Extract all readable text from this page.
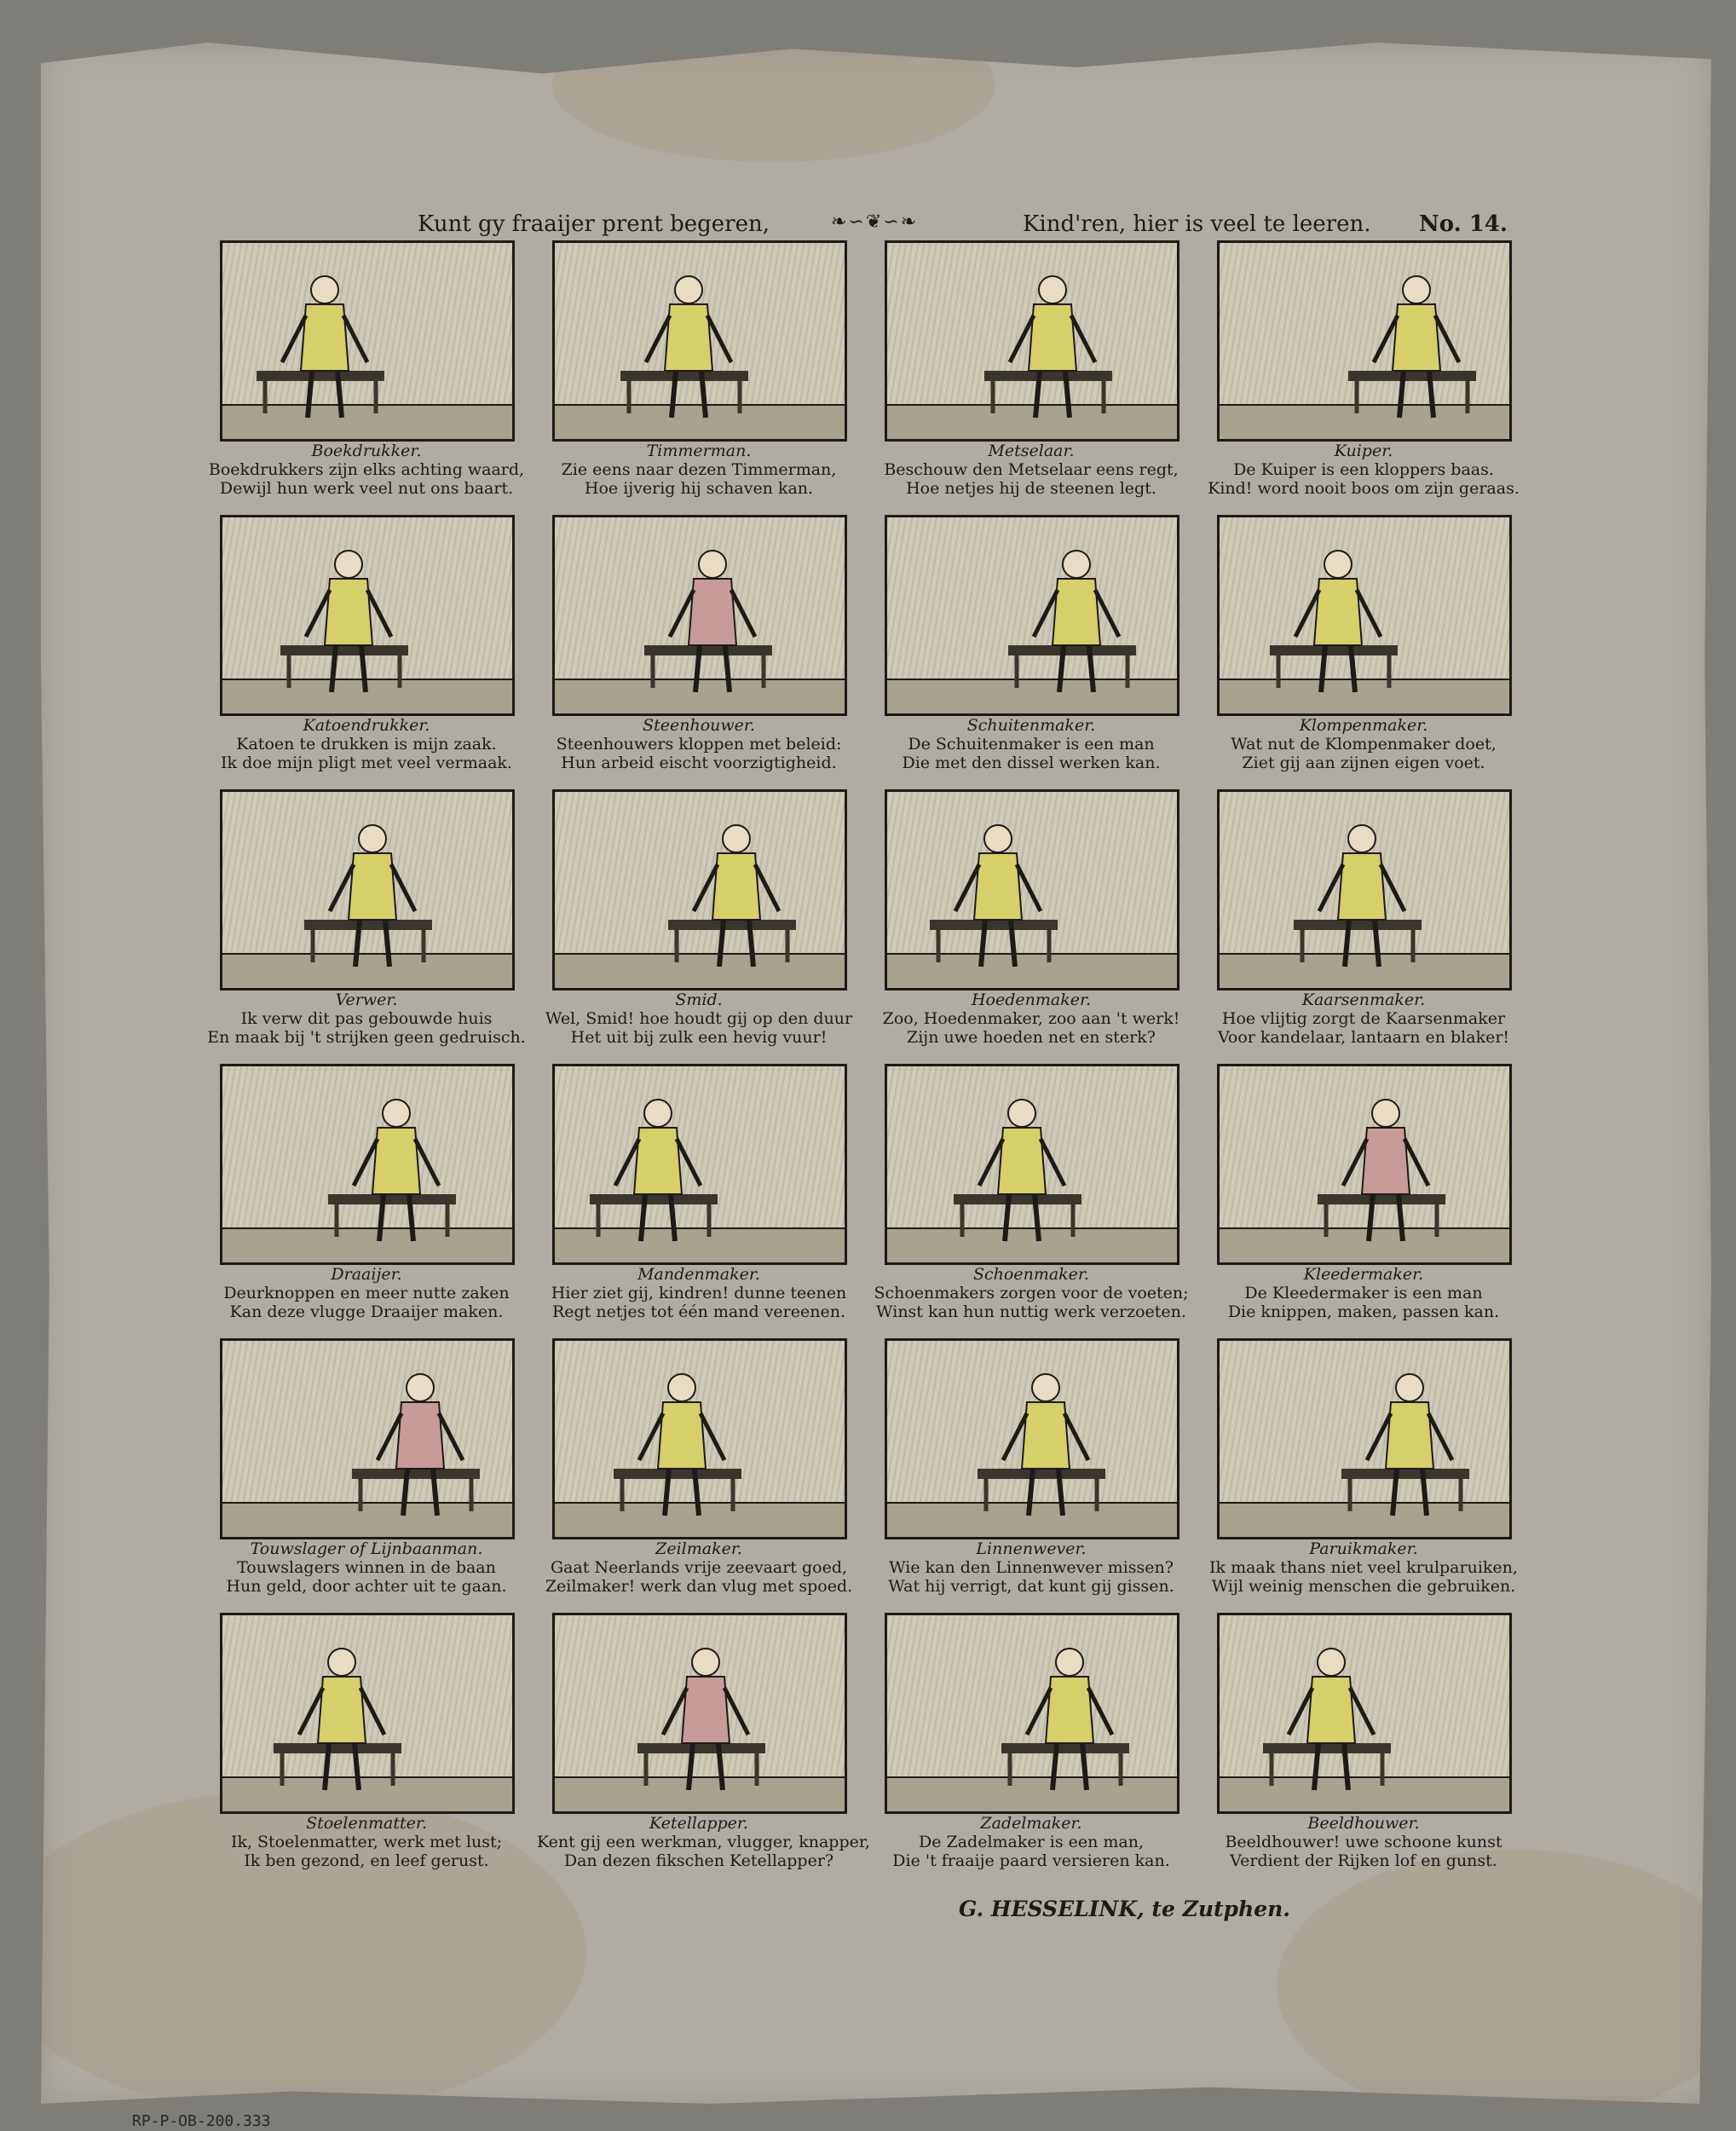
Kunt gy fraaijer prent begeren,	❧∽❦∽❧	Kind'ren, hier is veel te leeren. No. 14.
Boekdrukker.
Boekdrukkers zijn elks achting waard,
Dewijl hun werk veel nut ons baart.
Timmerman.
Zie eens naar dezen Timmerman,
Hoe ijverig hij schaven kan.
Metselaar.
Beschouw den Metselaar eens regt,
Hoe netjes hij de steenen legt.
Kuiper.
De Kuiper is een kloppers baas.
Kind! word nooit boos om zijn geraas.
Katoendrukker.
Katoen te drukken is mijn zaak.
Ik doe mijn pligt met veel vermaak.
Steenhouwer.
Steenhouwers kloppen met beleid:
Hun arbeid eischt voorzigtigheid.
Schuitenmaker.
De Schuitenmaker is een man
Die met den dissel werken kan.
Klompenmaker.
Wat nut de Klompenmaker doet,
Ziet gij aan zijnen eigen voet.
Verwer.
Ik verw dit pas gebouwde huis
En maak bij 't strijken geen gedruisch.
Smid.
Wel, Smid! hoe houdt gij op den duur
Het uit bij zulk een hevig vuur!
Hoedenmaker.
Zoo, Hoedenmaker, zoo aan 't werk!
Zijn uwe hoeden net en sterk?
Kaarsenmaker.
Hoe vlijtig zorgt de Kaarsenmaker
Voor kandelaar, lantaarn en blaker!
Draaijer.
Deurknoppen en meer nutte zaken
Kan deze vlugge Draaijer maken.
Mandenmaker.
Hier ziet gij, kindren! dunne teenen
Regt netjes tot één mand vereenen.
Schoenmaker.
Schoenmakers zorgen voor de voeten;
Winst kan hun nuttig werk verzoeten.
Kleedermaker.
De Kleedermaker is een man
Die knippen, maken, passen kan.
Touwslager of Lijnbaanman.
Touwslagers winnen in de baan
Hun geld, door achter uit te gaan.
Zeilmaker.
Gaat Neerlands vrije zeevaart goed,
Zeilmaker! werk dan vlug met spoed.
Linnenwever.
Wie kan den Linnenwever missen?
Wat hij verrigt, dat kunt gij gissen.
Paruikmaker.
Ik maak thans niet veel krulparuiken,
Wijl weinig menschen die gebruiken.
Stoelenmatter.
Ik, Stoelenmatter, werk met lust;
Ik ben gezond, en leef gerust.
Ketellapper.
Kent gij een werkman, vlugger, knapper,
Dan dezen fikschen Ketellapper?
Zadelmaker.
De Zadelmaker is een man,
Die 't fraaije paard versieren kan.
Beeldhouwer.
Beeldhouwer! uwe schoone kunst
Verdient der Rijken lof en gunst.
G. HESSELINK, te Zutphen.
RP-P-OB-200.333
